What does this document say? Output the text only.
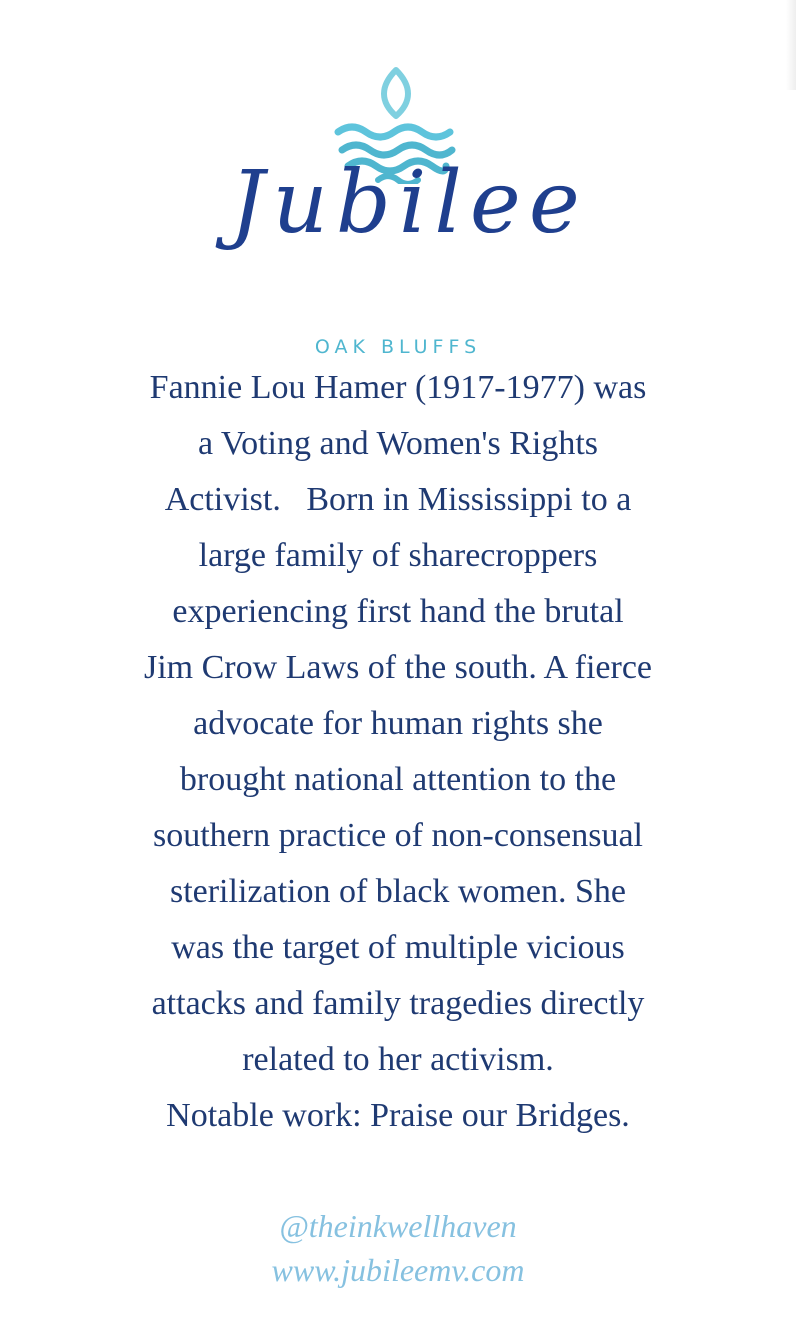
Jubilee

OAK BLUFFS

Fannie Lou Hamer (1917-1977) was
a Voting and Women's Rights
Activist.   Born in Mississippi to a
large family of sharecroppers
experiencing first hand the brutal
Jim Crow Laws of the south. A fierce
advocate for human rights she
brought national attention to the
southern practice of non-consensual
sterilization of black women. She
was the target of multiple vicious
attacks and family tragedies directly
related to her activism.
Notable work: Praise our Bridges.

@theinkwellhaven

www.jubileemv.com
